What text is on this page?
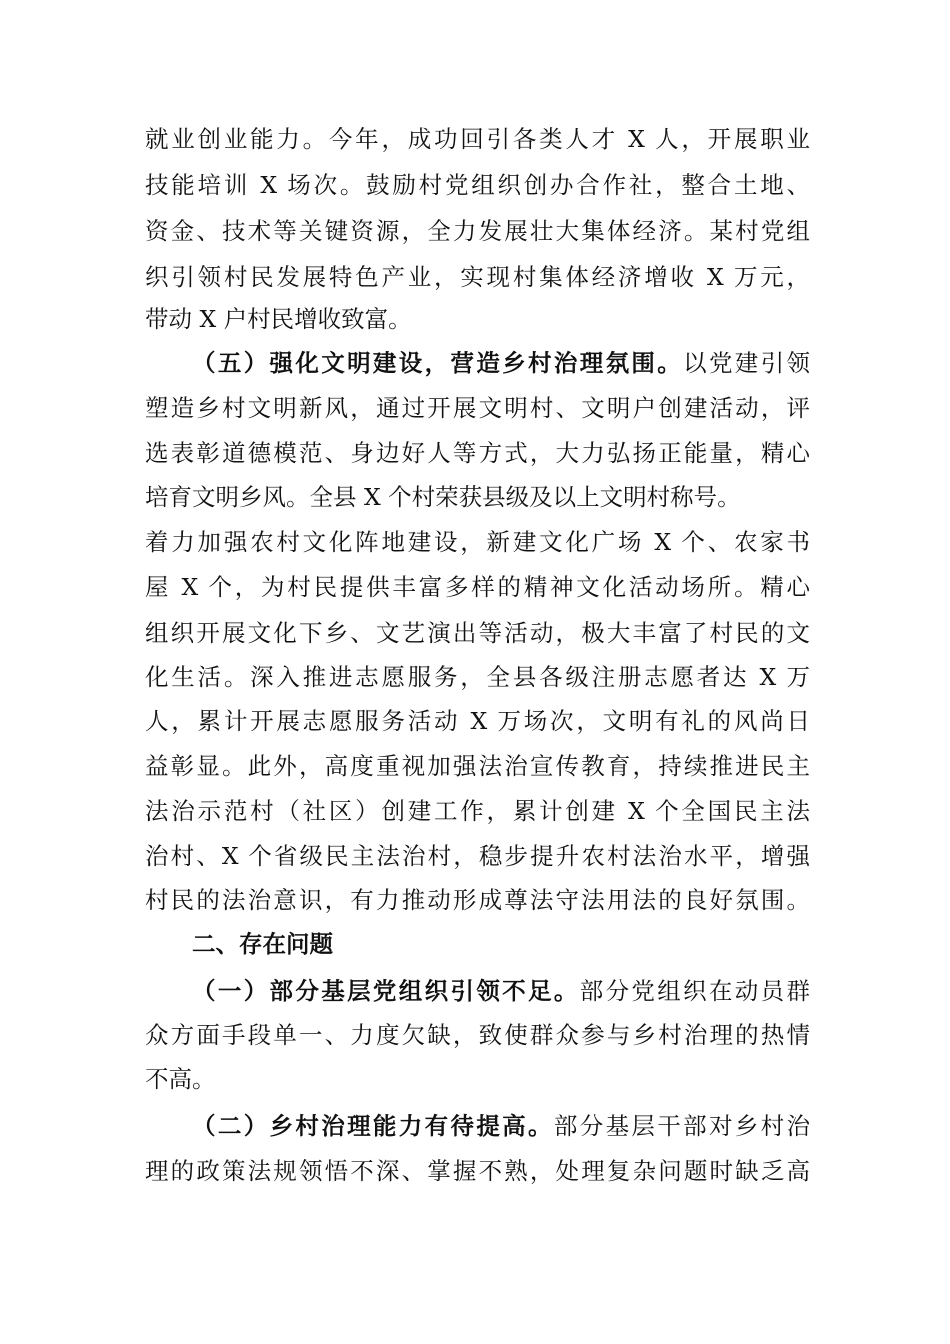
就业创业能力。今年，成功回引各类人才 X 人，开展职业

技能培训 X 场次。鼓励村党组织创办合作社，整合土地、

资金、技术等关键资源，全力发展壮大集体经济。某村党组

织引领村民发展特色产业，实现村集体经济增收 X 万元，

带动 X 户村民增收致富。

（五）强化文明建设，营造乡村治理氛围。以党建引领

塑造乡村文明新风，通过开展文明村、文明户创建活动，评

选表彰道德模范、身边好人等方式，大力弘扬正能量，精心

培育文明乡风。全县 X 个村荣获县级及以上文明村称号。

着力加强农村文化阵地建设，新建文化广场 X 个、农家书

屋 X 个，为村民提供丰富多样的精神文化活动场所。精心

组织开展文化下乡、文艺演出等活动，极大丰富了村民的文

化生活。深入推进志愿服务，全县各级注册志愿者达 X 万

人，累计开展志愿服务活动 X 万场次，文明有礼的风尚日

益彰显。此外，高度重视加强法治宣传教育，持续推进民主

法治示范村（社区）创建工作，累计创建 X 个全国民主法

治村、X 个省级民主法治村，稳步提升农村法治水平，增强

村民的法治意识，有力推动形成尊法守法用法的良好氛围。

二、存在问题

（一）部分基层党组织引领不足。部分党组织在动员群

众方面手段单一、力度欠缺，致使群众参与乡村治理的热情

不高。

（二）乡村治理能力有待提高。部分基层干部对乡村治

理的政策法规领悟不深、掌握不熟，处理复杂问题时缺乏高
